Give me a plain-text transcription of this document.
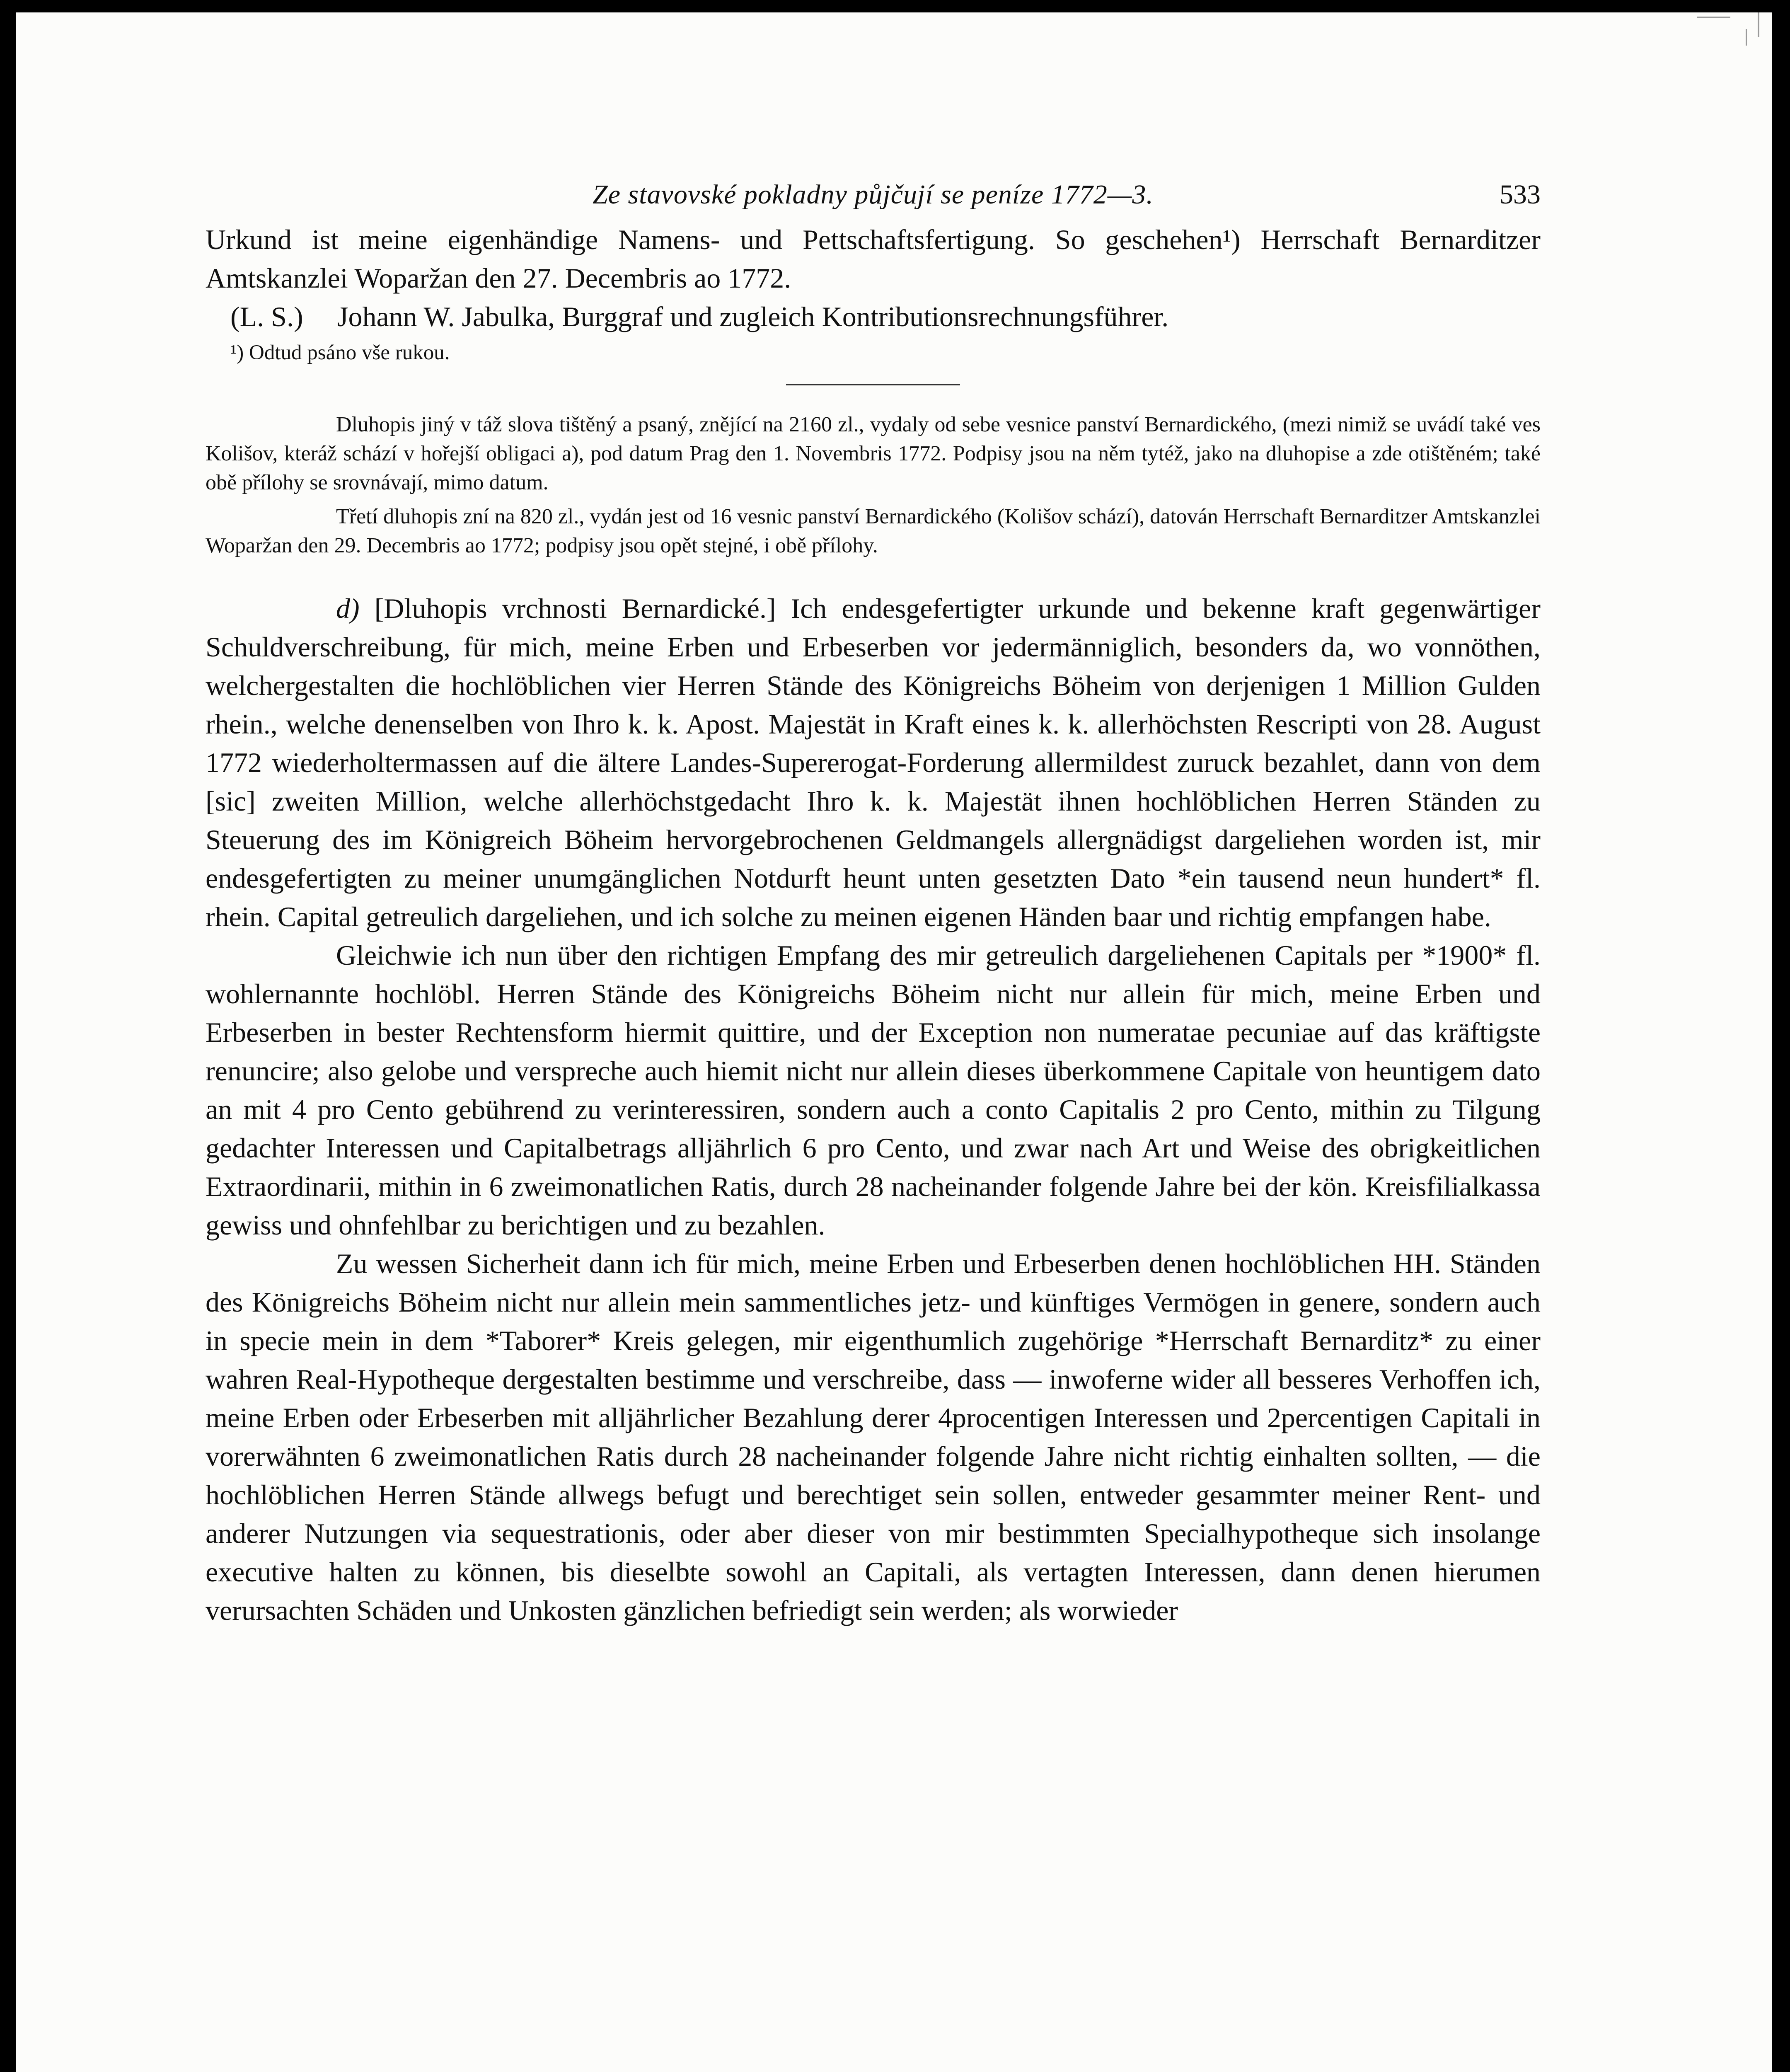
Ze stavovské pokladny půjčují se peníze 1772—3.	533

Urkund ist meine eigenhändige Namens- und Pettschaftsfertigung. So geschehen¹) Herrschaft Bernarditzer Amtskanzlei Woparžan den 27. Decembris ao 1772.

(L. S.) Johann W. Jabulka, Burggraf und zugleich Kontributionsrechnungsführer.

¹) Odtud psáno vše rukou.

Dluhopis jiný v táž slova tištěný a psaný, znějící na 2160 zl., vydaly od sebe vesnice panství Bernardického, (mezi nimiž se uvádí také ves Kolišov, kteráž schází v hořejší obligaci a), pod datum Prag den 1. Novembris 1772. Podpisy jsou na něm tytéž, jako na dluhopise a zde otištěném; také obě přílohy se srovnávají, mimo datum.

Třetí dluhopis zní na 820 zl., vydán jest od 16 vesnic panství Bernardického (Kolišov schází), datován Herrschaft Bernarditzer Amtskanzlei Woparžan den 29. Decembris ao 1772; podpisy jsou opět stejné, i obě přílohy.

d) [Dluhopis vrchnosti Bernardické.] Ich endesgefertigter urkunde und bekenne kraft gegenwärtiger Schuldverschreibung, für mich, meine Erben und Erbeserben vor jedermänniglich, besonders da, wo vonnöthen, welchergestalten die hochlöblichen vier Herren Stände des Königreichs Böheim von derjenigen 1 Million Gulden rhein., welche denenselben von Ihro k. k. Apost. Majestät in Kraft eines k. k. allerhöchsten Rescripti von 28. August 1772 wiederholtermassen auf die ältere Landes-Supererogat-Forderung allermildest zuruck bezahlet, dann von dem [sic] zweiten Million, welche allerhöchstgedacht Ihro k. k. Majestät ihnen hochlöblichen Herren Ständen zu Steuerung des im Königreich Böheim hervorgebrochenen Geldmangels allergnädigst dargeliehen worden ist, mir endesgefertigten zu meiner unumgänglichen Notdurft heunt unten gesetzten Dato *ein tausend neun hundert* fl. rhein. Capital getreulich dargeliehen, und ich solche zu meinen eigenen Händen baar und richtig empfangen habe.

Gleichwie ich nun über den richtigen Empfang des mir getreulich dargeliehenen Capitals per *1900* fl. wohlernannte hochlöbl. Herren Stände des Königreichs Böheim nicht nur allein für mich, meine Erben und Erbeserben in bester Rechtensform hiermit quittire, und der Exception non numeratae pecuniae auf das kräftigste renuncire; also gelobe und verspreche auch hiemit nicht nur allein dieses überkommene Capitale von heuntigem dato an mit 4 pro Cento gebührend zu verinteressiren, sondern auch a conto Capitalis 2 pro Cento, mithin zu Tilgung gedachter Interessen und Capitalbetrags alljährlich 6 pro Cento, und zwar nach Art und Weise des obrigkeitlichen Extraordinarii, mithin in 6 zweimonatlichen Ratis, durch 28 nacheinander folgende Jahre bei der kön. Kreisfilialkassa gewiss und ohnfehlbar zu berichtigen und zu bezahlen.

Zu wessen Sicherheit dann ich für mich, meine Erben und Erbeserben denen hochlöblichen HH. Ständen des Königreichs Böheim nicht nur allein mein sammentliches jetz- und künftiges Vermögen in genere, sondern auch in specie mein in dem *Taborer* Kreis gelegen, mir eigenthumlich zugehörige *Herrschaft Bernarditz* zu einer wahren Real-Hypotheque dergestalten bestimme und verschreibe, dass — inwoferne wider all besseres Verhoffen ich, meine Erben oder Erbeserben mit alljährlicher Bezahlung derer 4procentigen Interessen und 2percentigen Capitali in vorerwähnten 6 zweimonatlichen Ratis durch 28 nacheinander folgende Jahre nicht richtig einhalten sollten, — die hochlöblichen Herren Stände allwegs befugt und berechtiget sein sollen, entweder gesammter meiner Rent- und anderer Nutzungen via sequestrationis, oder aber dieser von mir bestimmten Specialhypotheque sich insolange executive halten zu können, bis dieselbte sowohl an Capitali, als vertagten Interessen, dann denen hierumen verursachten Schäden und Unkosten gänzlichen befriedigt sein werden; als worwieder
